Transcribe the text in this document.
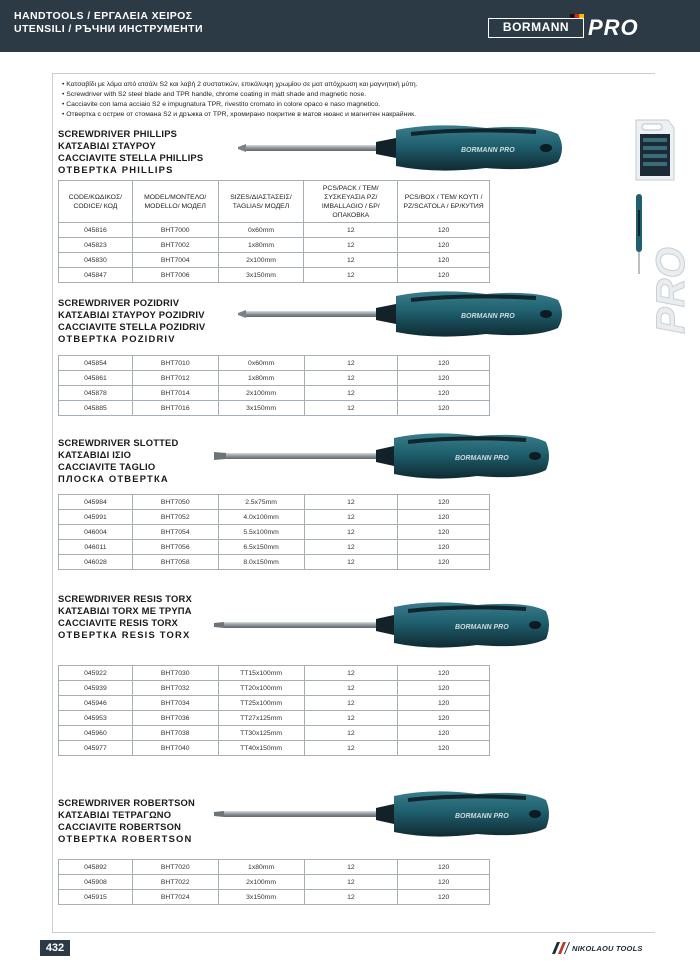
HANDTOOLS / ΕΡΓΑΛΕΙΑ ΧΕΙΡΟΣ
UTENSILI / РЪЧНИ ИНСТРУМЕНТИ	BORMANN PRO
• Κατσαβίδι με λάμα από ατσάλι S2 και λαβή 2 συστατικών, επικάλυψη χρωμίου σε ματ απόχρωση και μαγνητική μύτη.
• Screwdriver with S2 steel blade and TPR handle, chrome coating in matt shade and magnetic nose.
• Cacciavite con lama acciaio S2 e impugnatura TPR, rivestito cromato in colore opaco e naso magnetico.
• Отвертка с острие от стомана S2 и дръжка от TPR, хромирано покритие в матов нюанс и магнитен накрайник.
PRO
SCREWDRIVER PHILLIPS
ΚΑΤΣΑΒΙΔΙ ΣΤΑΥΡΟΥ
CACCIAVITE STELLA PHILLIPS
ОТВЕРТКА PHILLIPS
BORMANN PRO
CODE/ΚΩΔΙΚΟΣ/ CODICE/ КОД	MODEL/ΜΟΝΤΕΛΟ/ MODELLO/ МОДЕЛ	SIZES/ΔΙΑΣΤΑΣΕΙΣ/ TAGLIAS/ МОДЕЛ	PCS/PACK / ΤΕΜ/ ΣΥΣΚΕΥΑΣΙΑ PZ/ IMBALLAGIO / БР/ ОПАКОВКА	PCS/BOX / ΤΕΜ/ ΚΟΥΤΙ / PZ/SCATOLA / БР/КУТИЯ
045816	BHT7000	0x60mm	12	120
045823	BHT7002	1x80mm	12	120
045830	BHT7004	2x100mm	12	120
045847	BHT7006	3x150mm	12	120
SCREWDRIVER POZIDRIV
ΚΑΤΣΑΒΙΔΙ ΣΤΑΥΡΟΥ POZIDRIV
CACCIAVITE STELLA POZIDRIV
ОТВЕРТКА POZIDRIV
BORMANN PRO
045854	BHT7010	0x60mm	12	120
045861	BHT7012	1x80mm	12	120
045878	BHT7014	2x100mm	12	120
045885	BHT7016	3x150mm	12	120
SCREWDRIVER SLOTTED
ΚΑΤΣΑΒΙΔΙ ΙΣΙΟ
CACCIAVITE TAGLIO
ПЛОСКА ОТВЕРТКА
BORMANN PRO
045984	BHT7050	2.5x75mm	12	120
045991	BHT7052	4.0x100mm	12	120
046004	BHT7054	5.5x100mm	12	120
046011	BHT7056	6.5x150mm	12	120
046028	BHT7058	8.0x150mm	12	120
SCREWDRIVER RESIS TORX
ΚΑΤΣΑΒΙΔΙ TORX ΜΕ ΤΡΥΠΑ
CACCIAVITE RESIS TORX
ОТВЕРТКА RESIS TORX
BORMANN PRO
045922	BHT7030	TT15x100mm	12	120
045939	BHT7032	TT20x100mm	12	120
045946	BHT7034	TT25x100mm	12	120
045953	BHT7036	TT27x125mm	12	120
045960	BHT7038	TT30x125mm	12	120
045977	BHT7040	TT40x150mm	12	120
SCREWDRIVER ROBERTSON
ΚΑΤΣΑΒΙΔΙ ΤΕΤΡΑΓΩΝΟ
CACCIAVITE ROBERTSON
ОТВЕРТКА ROBERTSON
BORMANN PRO
045892	BHT7020	1x80mm	12	120
045908	BHT7022	2x100mm	12	120
045915	BHT7024	3x150mm	12	120
432	NIKOLAOU TOOLS
